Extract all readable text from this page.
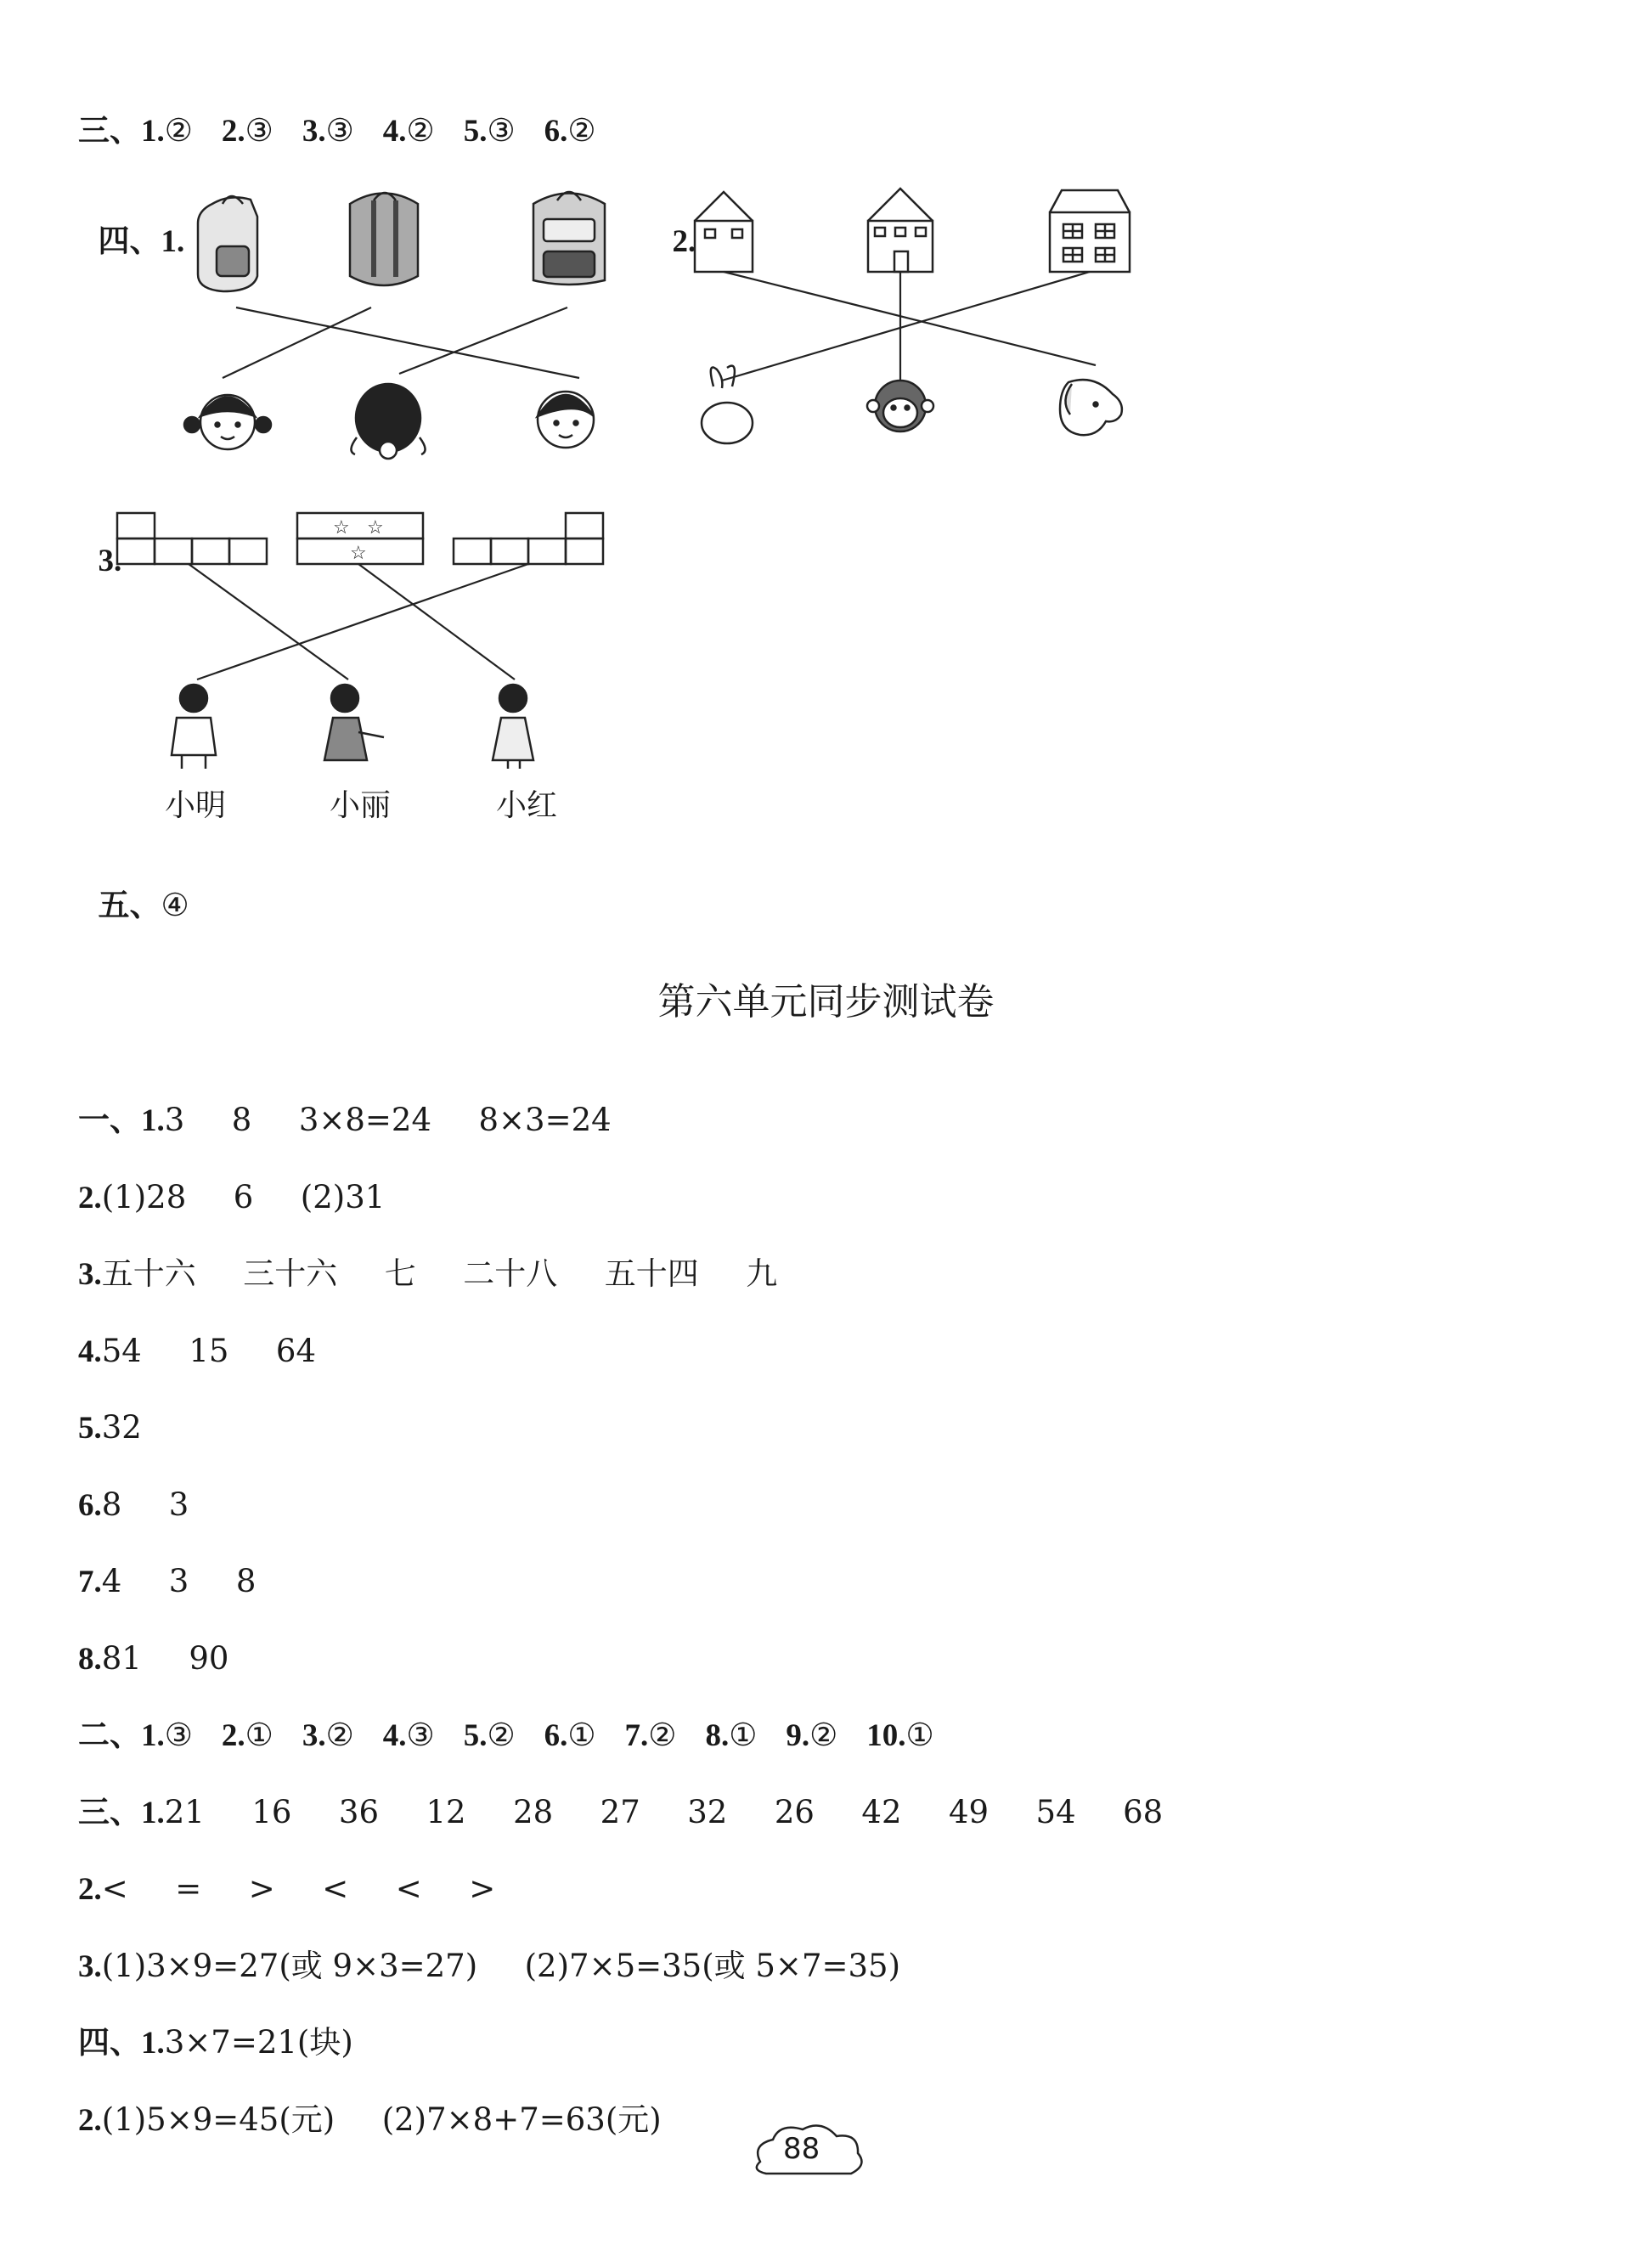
三、1.② 2.③ 3.③ 4.② 5.③ 6.②

四、1.	2.

3.

小明	小丽	小红

五、④

☆ ☆
☆
第六单元同步测试卷
一、1.3  8  3×8=24  8×3=24
2.(1)28  6  (2)31
3.五十六  三十六  七  二十八  五十四  九
4.54  15  64
5.32
6.8  3
7.4  3  8
8.81  90
二、1.③ 2.① 3.② 4.③ 5.② 6.① 7.② 8.① 9.② 10.①
三、1.21  16  36  12  28  27  32  26  42  49  54  68
2.<  =  >  <  <  >
3.(1)3×9=27(或 9×3=27)  (2)7×5=35(或 5×7=35)
四、1.3×7=21(块)
2.(1)5×9=45(元)  (2)7×8+7=63(元)
88
